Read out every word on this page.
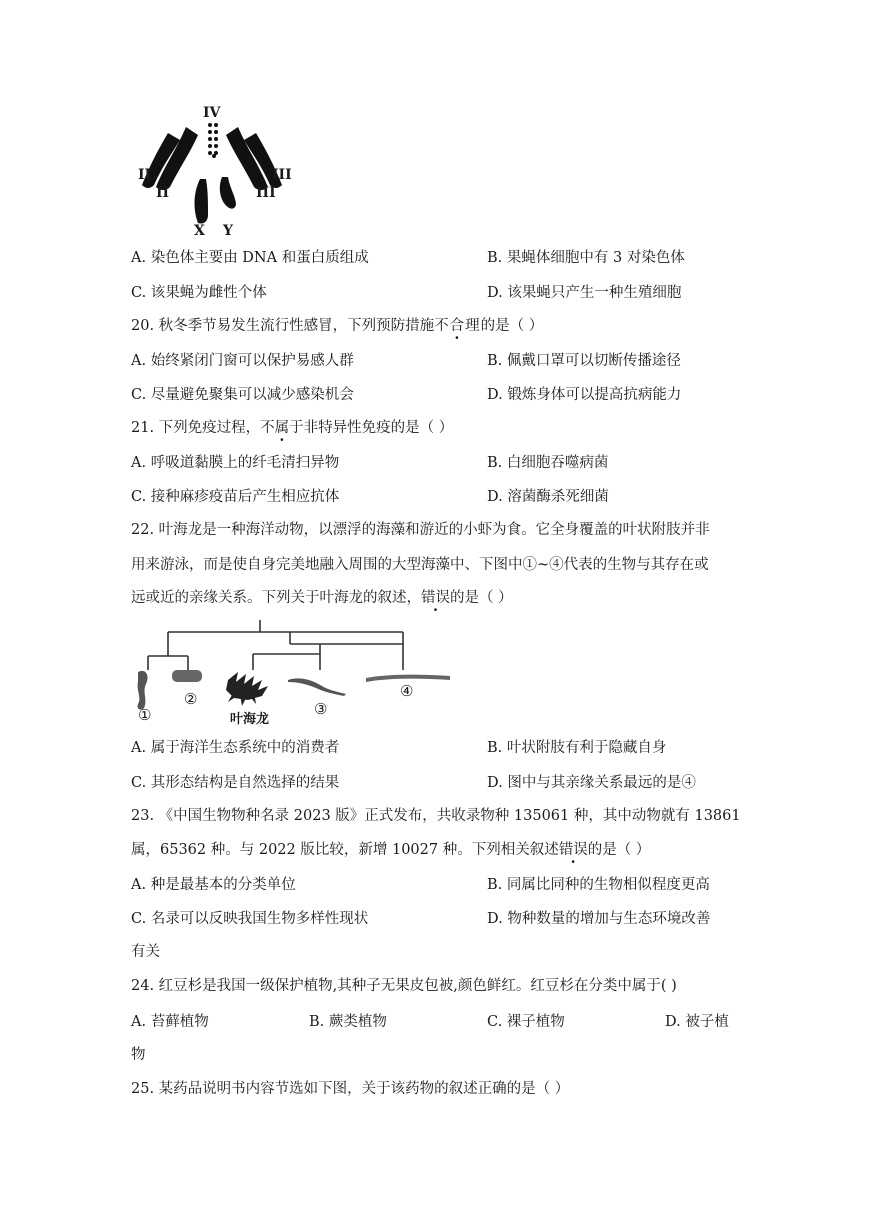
IV
II
II
III
III
X Y
A. 染色体主要由 DNA 和蛋白质组成	B. 果蝇体细胞中有 3 对染色体
C. 该果蝇为雌性个体	D. 该果蝇只产生一种生殖细胞
20. 秋冬季节易发生流行性感冒，下列预防措施不合理的是（ ）
A. 始终紧闭门窗可以保护易感人群	B. 佩戴口罩可以切断传播途径
C. 尽量避免聚集可以减少感染机会	D. 锻炼身体可以提高抗病能力
21. 下列免疫过程，不属于非特异性免疫的是（ ）
A. 呼吸道黏膜上的纤毛清扫异物	B. 白细胞吞噬病菌
C. 接种麻疹疫苗后产生相应抗体	D. 溶菌酶杀死细菌
22. 叶海龙是一种海洋动物，以漂浮的海藻和游近的小虾为食。它全身覆盖的叶状附肢并非
用来游泳，而是使自身完美地融入周围的大型海藻中、下图中①~④代表的生物与其存在或
远或近的亲缘关系。下列关于叶海龙的叙述，错误的是（ ）
①
②
③
④
叶海龙
A. 属于海洋生态系统中的消费者	B. 叶状附肢有利于隐藏自身
C. 其形态结构是自然选择的结果	D. 图中与其亲缘关系最远的是④
23. 《中国生物物种名录 2023 版》正式发布，共收录物种 135061 种，其中动物就有 13861
属，65362 种。与 2022 版比较，新增 10027 种。下列相关叙述错误的是（ ）
A. 种是最基本的分类单位	B. 同属比同种的生物相似程度更高
C. 名录可以反映我国生物多样性现状	D. 物种数量的增加与生态环境改善
有关
24. 红豆杉是我国一级保护植物,其种子无果皮包被,颜色鲜红。红豆杉在分类中属于( )
A. 苔藓植物	B. 蕨类植物	C. 裸子植物	D. 被子植
物
25. 某药品说明书内容节选如下图，关于该药物的叙述正确的是（ ）
